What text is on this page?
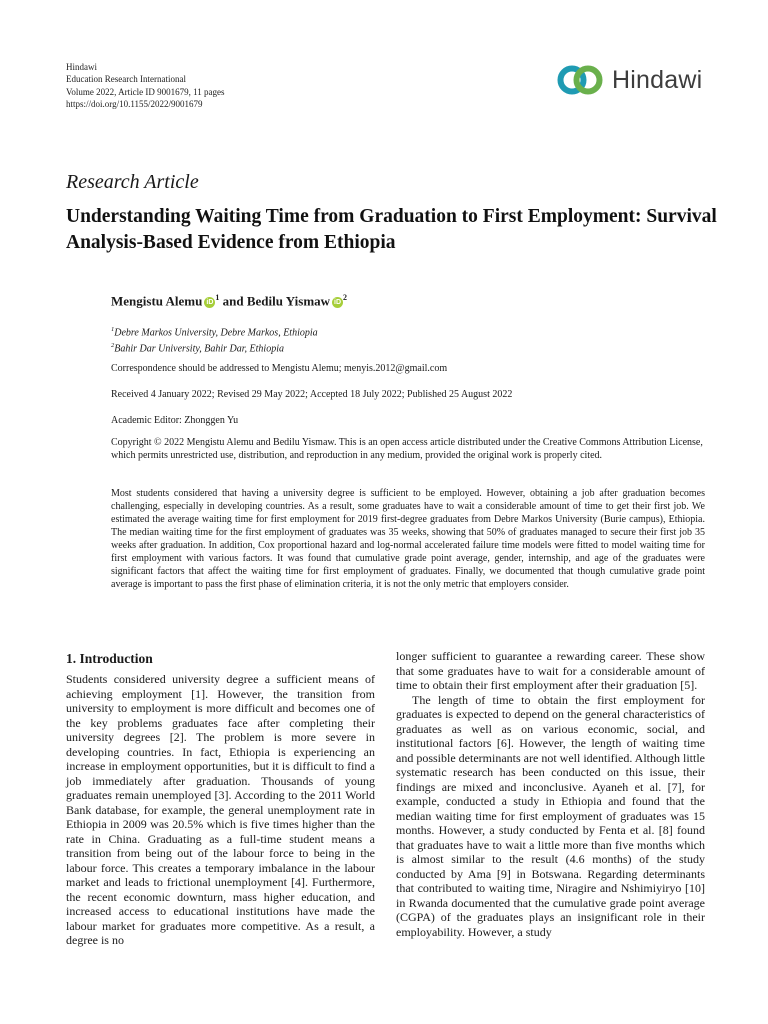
Hindawi
Education Research International
Volume 2022, Article ID 9001679, 11 pages
https://doi.org/10.1155/2022/9001679
Hindawi
Research Article
Understanding Waiting Time from Graduation to First Employment: Survival Analysis-Based Evidence from Ethiopia
Mengistu Alemu $iD^1$ and Bedilu Yismaw $iD^2$
$^1$Debre Markos University, Debre Markos, Ethiopia
$^2$Bahir Dar University, Bahir Dar, Ethiopia
Correspondence should be addressed to Mengistu Alemu; menyis.2012@gmail.com
Received 4 January 2022; Revised 29 May 2022; Accepted 18 July 2022; Published 25 August 2022
Academic Editor: Zhonggen Yu
Copyright © 2022 Mengistu Alemu and Bedilu Yismaw. This is an open access article distributed under the Creative Commons Attribution License, which permits unrestricted use, distribution, and reproduction in any medium, provided the original work is properly cited.
Most students considered that having a university degree is sufficient to be employed. However, obtaining a job after graduation becomes challenging, especially in developing countries. As a result, some graduates have to wait a considerable amount of time to get their first job. We estimated the average waiting time for first employment for 2019 first-degree graduates from Debre Markos University (Burie campus), Ethiopia. The median waiting time for the first employment of graduates was 35 weeks, showing that 50% of graduates managed to secure their first job 35 weeks after graduation. In addition, Cox proportional hazard and log-normal accelerated failure time models were fitted to model waiting time for first employment with various factors. It was found that cumulative grade point average, gender, internship, and age of the graduates were significant factors that affect the waiting time for first employment of graduates. Finally, we documented that though cumulative grade point average is important to pass the first phase of elimination criteria, it is not the only metric that employers consider.
1. Introduction

Students considered university degree a sufficient means of achieving employment [1]. However, the transition from university to employment is more difficult and becomes one of the key problems graduates face after completing their university degrees [2]. The problem is more severe in developing countries. In fact, Ethiopia is experiencing an increase in employment opportunities, but it is difficult to find a job immediately after graduation. Thousands of young graduates remain unemployed [3]. According to the 2011 World Bank database, for example, the general unemployment rate in Ethiopia in 2009 was 20.5% which is five times higher than the rate in China. Graduating as a full-time student means a transition from being out of the labour force to being in the labour force. This creates a temporary imbalance in the labour market and leads to frictional unemployment [4]. Furthermore, the recent economic downturn, mass higher education, and increased access to educational institutions have made the labour market for graduates more competitive. As a result, a degree is no

longer sufficient to guarantee a rewarding career. These show that some graduates have to wait for a considerable amount of time to obtain their first employment after their graduation [5].

The length of time to obtain the first employment for graduates is expected to depend on the general characteristics of graduates as well as on various economic, social, and institutional factors [6]. However, the length of waiting time and possible determinants are not well identified. Although little systematic research has been conducted on this issue, their findings are mixed and inconclusive. Ayaneh et al. [7], for example, conducted a study in Ethiopia and found that the median waiting time for first employment of graduates was 15 months. However, a study conducted by Fenta et al. [8] found that graduates have to wait a little more than five months which is almost similar to the result (4.6 months) of the study conducted by Ama [9] in Botswana. Regarding determinants that contributed to waiting time, Niragire and Nshimiyiryo [10] in Rwanda documented that the cumulative grade point average (CGPA) of the graduates plays an insignificant role in their employability. However, a study
